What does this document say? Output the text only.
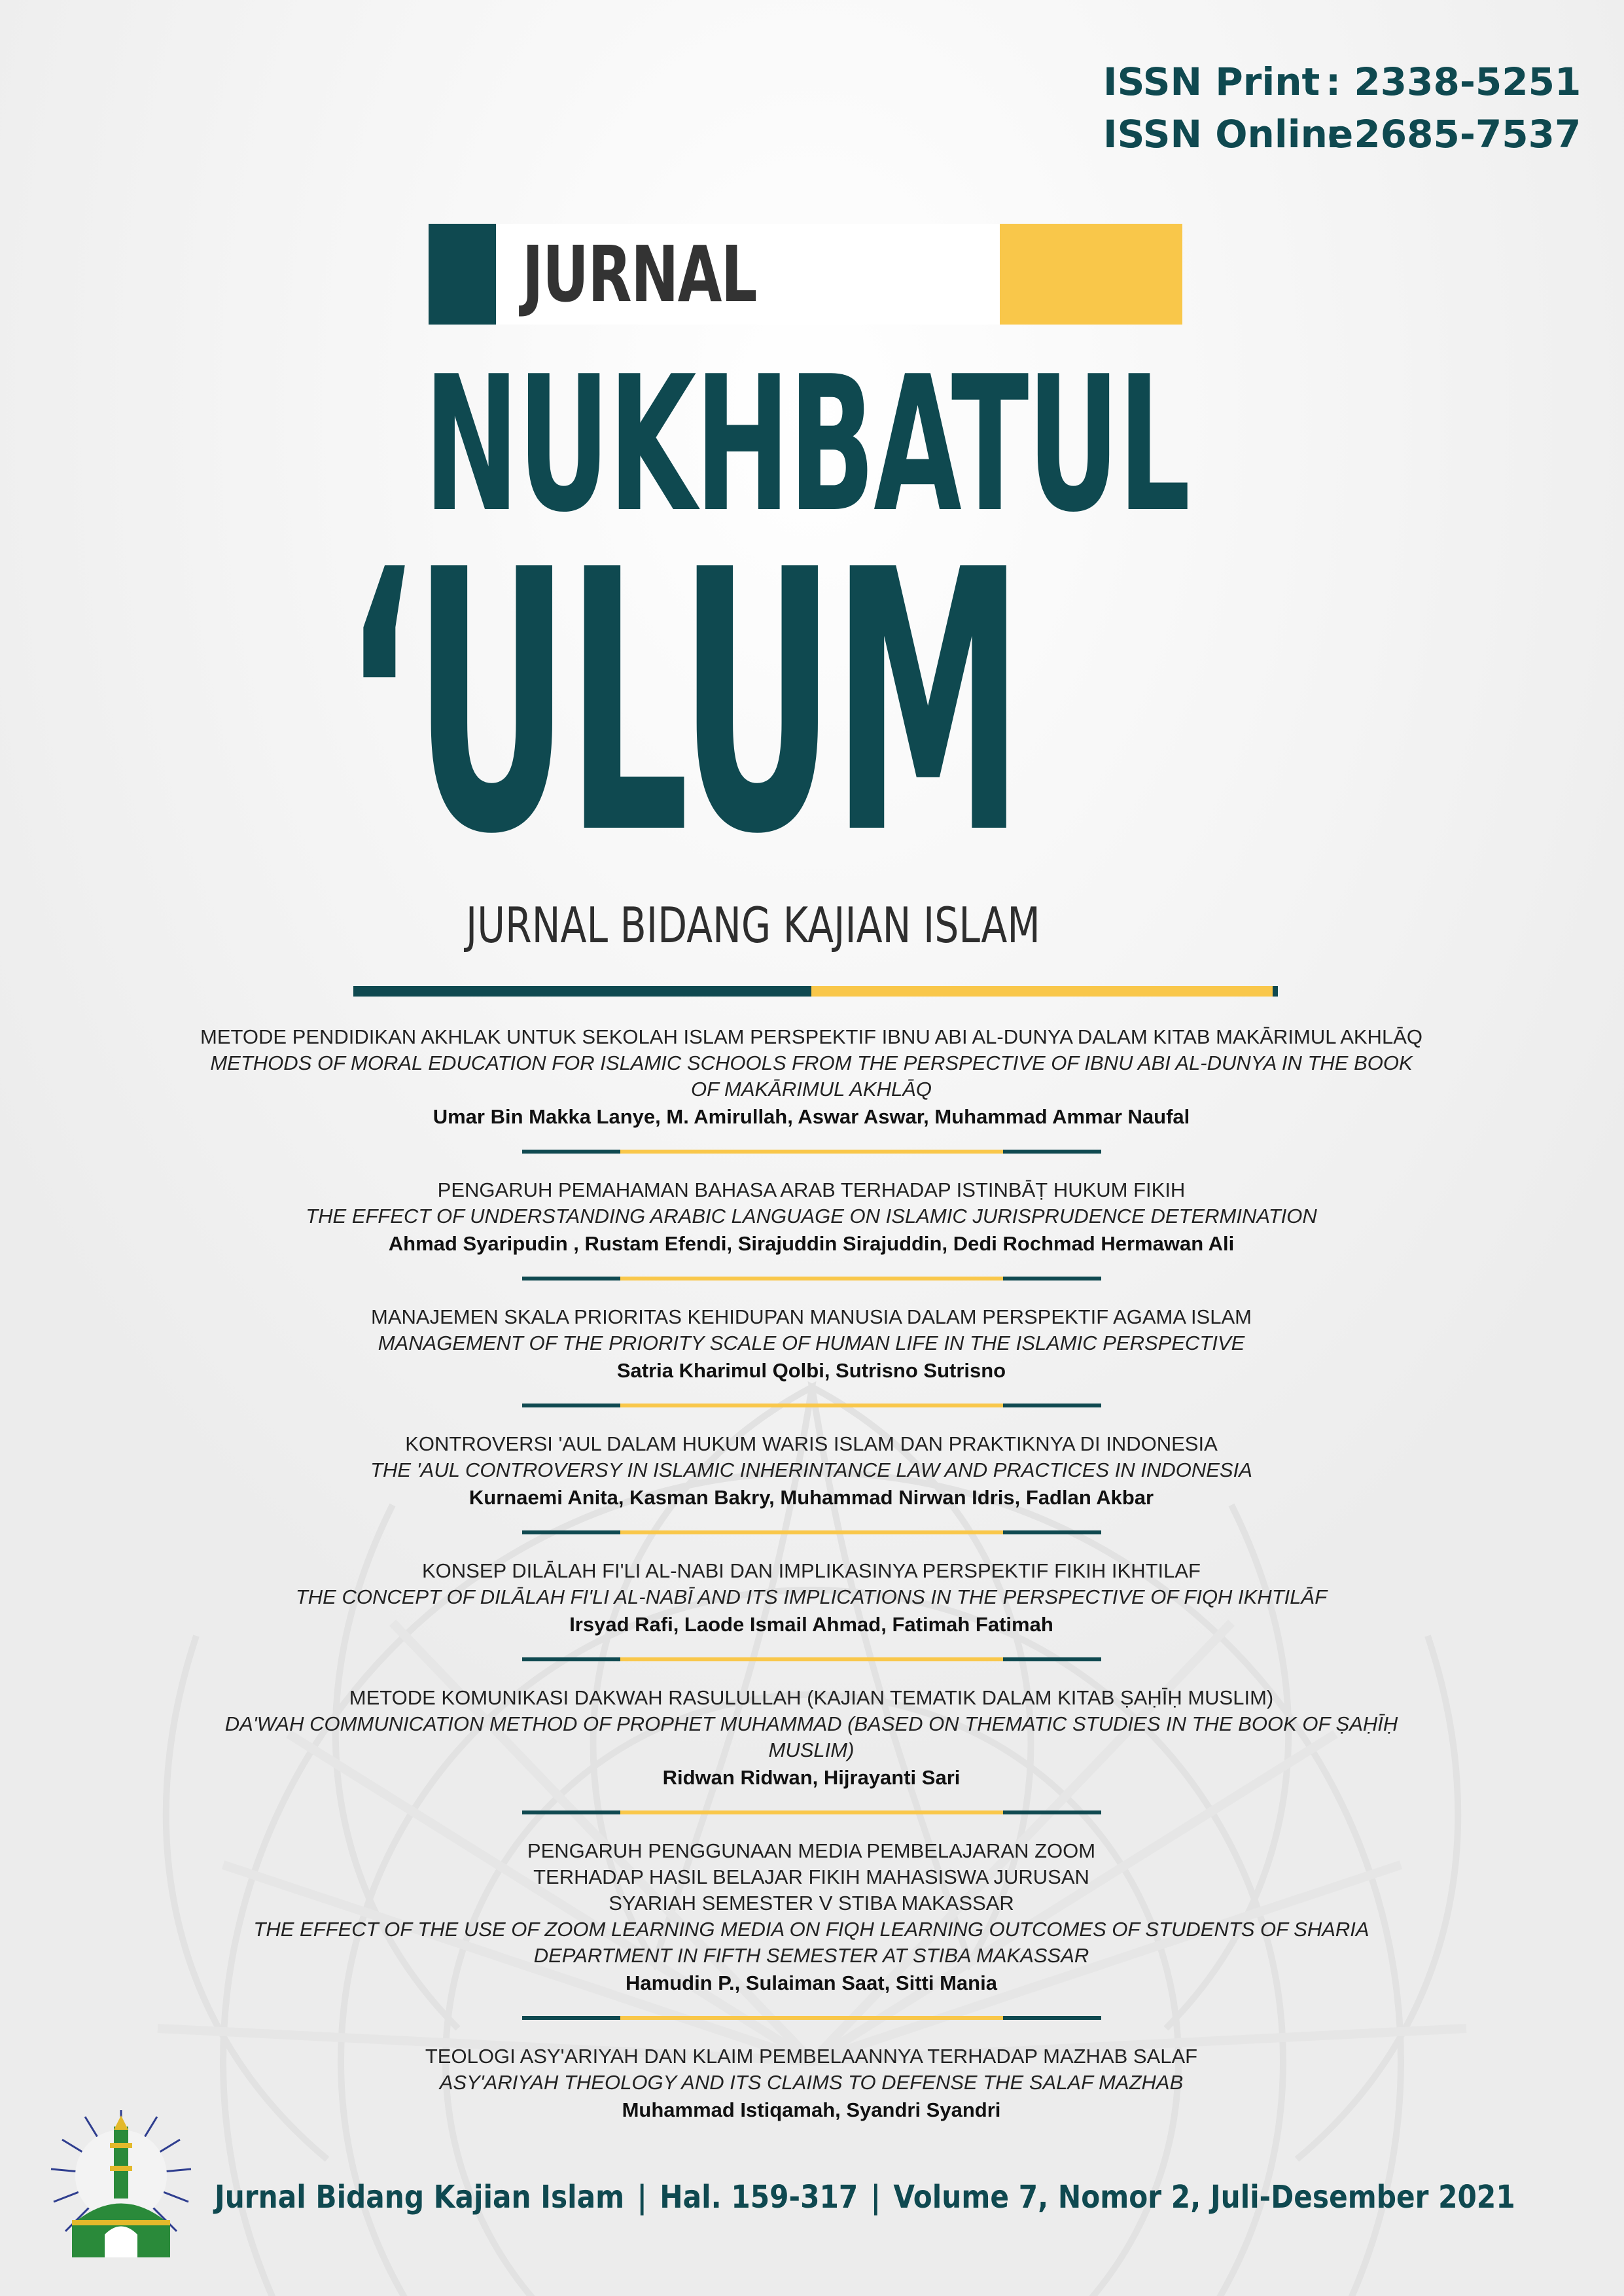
ISSN Print : 2338-5251
ISSN Online
: 2685-7537
JURNAL
NUKHBATUL
‘ULUM
JURNAL BIDANG KAJIAN ISLAM
METODE PENDIDIKAN AKHLAK UNTUK SEKOLAH ISLAM PERSPEKTIF IBNU ABI AL-DUNYA DALAM KITAB MAKĀRIMUL AKHLĀQ
METHODS OF MORAL EDUCATION FOR ISLAMIC SCHOOLS FROM THE PERSPECTIVE OF IBNU ABI AL-DUNYA IN THE BOOK OF MAKĀRIMUL AKHLĀQ
Umar Bin Makka Lanye, M. Amirullah, Aswar Aswar, Muhammad Ammar Naufal
PENGARUH PEMAHAMAN BAHASA ARAB TERHADAP ISTINBĀṬ HUKUM FIKIH
THE EFFECT OF UNDERSTANDING ARABIC LANGUAGE ON ISLAMIC JURISPRUDENCE DETERMINATION
Ahmad Syaripudin , Rustam Efendi, Sirajuddin Sirajuddin, Dedi Rochmad Hermawan Ali
MANAJEMEN SKALA PRIORITAS KEHIDUPAN MANUSIA DALAM PERSPEKTIF AGAMA ISLAM
MANAGEMENT OF THE PRIORITY SCALE OF HUMAN LIFE IN THE ISLAMIC PERSPECTIVE
Satria Kharimul Qolbi, Sutrisno Sutrisno
KONTROVERSI 'AUL DALAM HUKUM WARIS ISLAM DAN PRAKTIKNYA DI INDONESIA
THE 'AUL CONTROVERSY IN ISLAMIC INHERINTANCE LAW AND PRACTICES IN INDONESIA
Kurnaemi Anita, Kasman Bakry, Muhammad Nirwan Idris, Fadlan Akbar
KONSEP DILĀLAH FI'LI AL-NABI DAN IMPLIKASINYA PERSPEKTIF FIKIH IKHTILAF
THE CONCEPT OF DILĀLAH FI'LI AL-NABĪ AND ITS IMPLICATIONS IN THE PERSPECTIVE OF FIQH IKHTILĀF
Irsyad Rafi, Laode Ismail Ahmad, Fatimah Fatimah
METODE KOMUNIKASI DAKWAH RASULULLAH (KAJIAN TEMATIK DALAM KITAB ṢAḤĪḤ MUSLIM)
DA'WAH COMMUNICATION METHOD OF PROPHET MUHAMMAD (BASED ON THEMATIC STUDIES IN THE BOOK OF ṢAḤĪḤ MUSLIM)
Ridwan Ridwan, Hijrayanti Sari
PENGARUH PENGGUNAAN MEDIA PEMBELAJARAN ZOOM TERHADAP HASIL BELAJAR FIKIH MAHASISWA JURUSAN SYARIAH SEMESTER V STIBA MAKASSAR
THE EFFECT OF THE USE OF ZOOM LEARNING MEDIA ON FIQH LEARNING OUTCOMES OF STUDENTS OF SHARIA DEPARTMENT IN FIFTH SEMESTER AT STIBA MAKASSAR
Hamudin P., Sulaiman Saat, Sitti Mania
TEOLOGI ASY'ARIYAH DAN KLAIM PEMBELAANNYA TERHADAP MAZHAB SALAF
ASY'ARIYAH THEOLOGY AND ITS CLAIMS TO DEFENSE THE SALAF MAZHAB
Muhammad Istiqamah, Syandri Syandri
Jurnal Bidang Kajian Islam | Hal. 159-317 | Volume 7, Nomor 2, Juli-Desember 2021
